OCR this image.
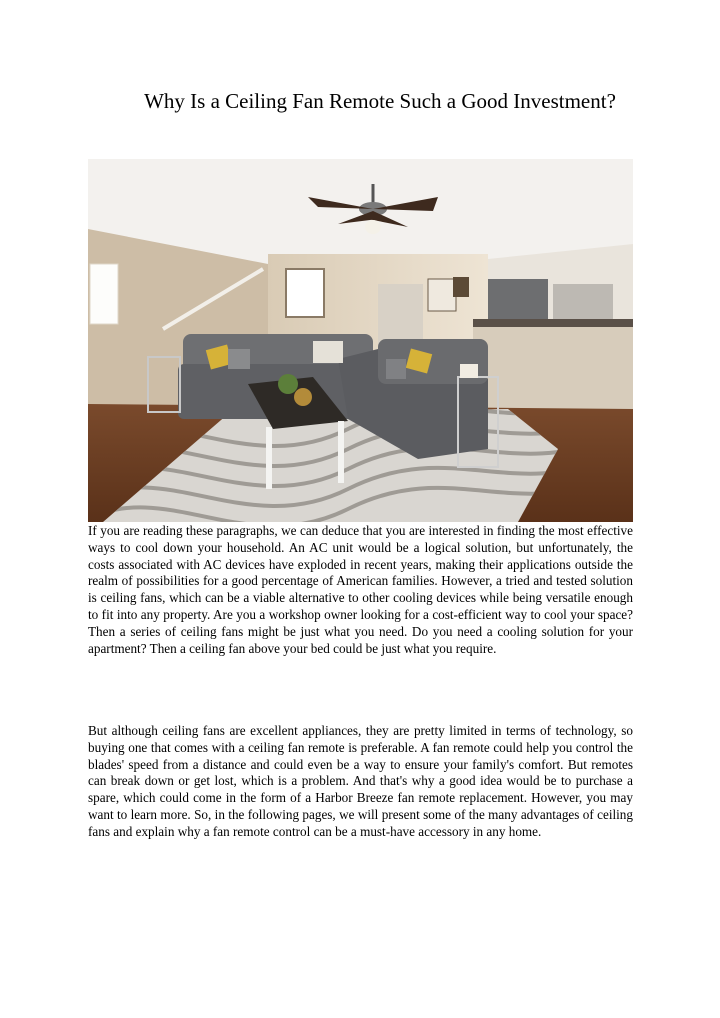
Why Is a Ceiling Fan Remote Such a Good Investment?

If you are reading these paragraphs, we can deduce that you are interested in finding the most effective ways to cool down your household. An AC unit would be a logical solution, but unfortunately, the costs associated with AC devices have exploded in recent years, making their applications outside the realm of possibilities for a good percentage of American families. However, a tried and tested solution is ceiling fans, which can be a viable alternative to other cooling devices while being versatile enough to fit into any property. Are you a workshop owner looking for a cost-efficient way to cool your space? Then a series of ceiling fans might be just what you need. Do you need a cooling solution for your apartment? Then a ceiling fan above your bed could be just what you require.

But although ceiling fans are excellent appliances, they are pretty limited in terms of technology, so buying one that comes with a ceiling fan remote is preferable. A fan remote could help you control the blades' speed from a distance and could even be a way to ensure your family's comfort. But remotes can break down or get lost, which is a problem. And that's why a good idea would be to purchase a spare, which could come in the form of a Harbor Breeze fan remote replacement. However, you may want to learn more. So, in the following pages, we will present some of the many advantages of ceiling fans and explain why a fan remote control can be a must-have accessory in any home.
